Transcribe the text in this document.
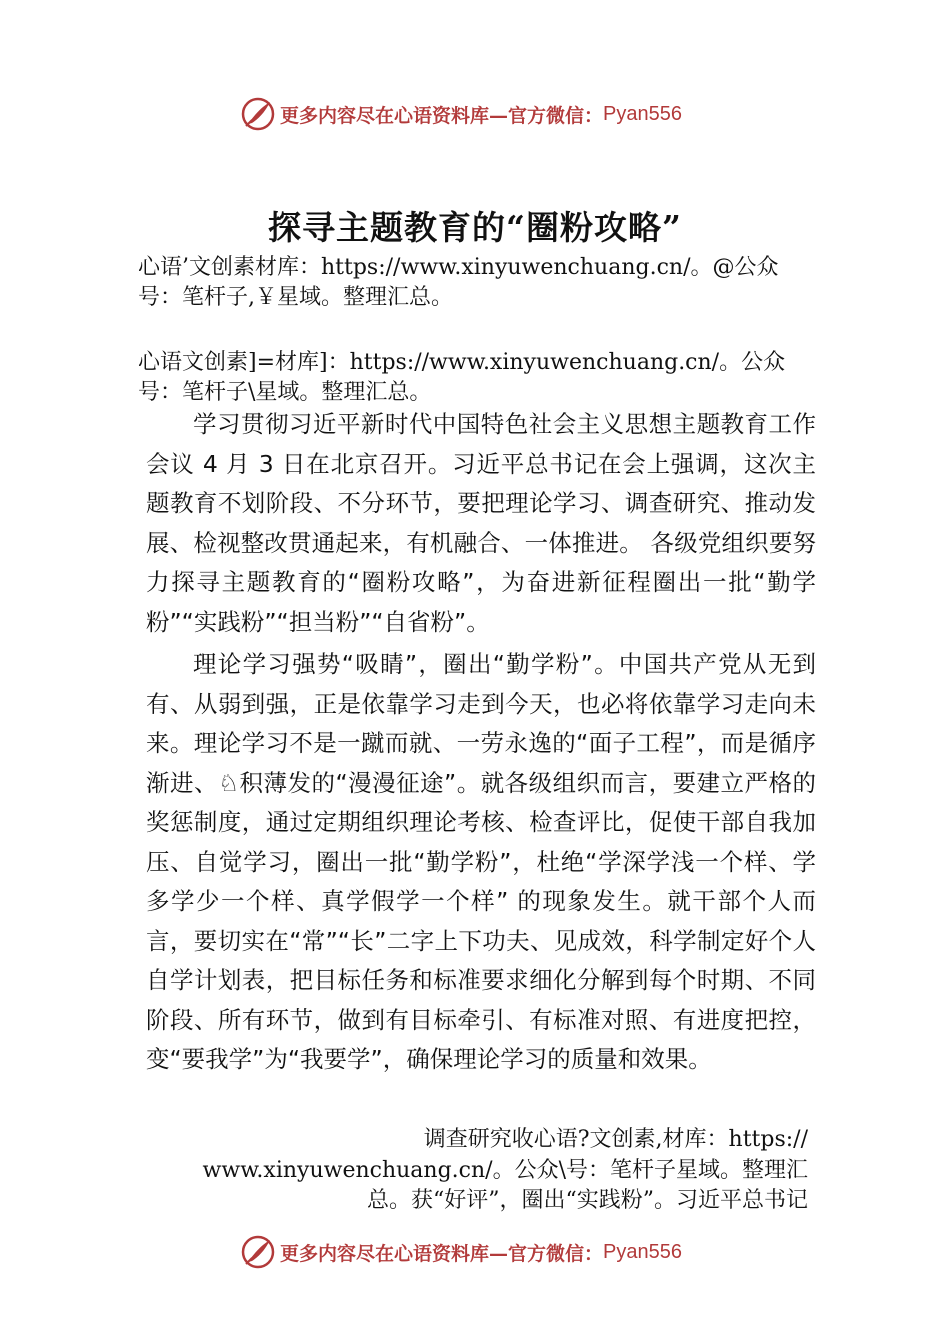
更多内容尽在心语资料库—官方微信： Pyan556
探寻主题教育的“圈粉攻略”
心语’文创素材库：https://www.xinyuwenchuang.cn/。@公众
号：笔杆子,￥星域。整理汇总。
心语文创素]=材库]：https://www.xinyuwenchuang.cn/。公众
号：笔杆子\星域。整理汇总。

学习贯彻习近平新时代中国特色社会主义思想主题教育工作会议 4 月 3 日在北京召开。习近平总书记在会上强调，这次主题教育不划阶段、不分环节，要把理论学习、调查研究、推动发展、检视整改贯通起来，有机融合、一体推进。 各级党组织要努力探寻主题教育的“圈粉攻略”，为奋进新征程圈出一批“勤学粉”“实践粉”“担当粉”“自省粉”。

理论学习强势“吸睛”，圈出“勤学粉”。中国共产党从无到有、从弱到强，正是依靠学习走到今天，也必将依靠学习走向未来。理论学习不是一蹴而就、一劳永逸的“面子工程”，而是循序渐进、♘积薄发的“漫漫征途”。就各级组织而言，要建立严格的奖惩制度，通过定期组织理论考核、检查评比，促使干部自我加压、自觉学习，圈出一批“勤学粉”，杜绝“学深学浅一个样、学多学少一个样、真学假学一个样” 的现象发生。就干部个人而言，要切实在“常”“长”二字上下功夫、见成效，科学制定好个人自学计划表，把目标任务和标准要求细化分解到每个时期、不同阶段、所有环节，做到有目标牵引、有标准对照、有进度把控，变“要我学”为“我要学”，确保理论学习的质量和效果。

调查研究收心语?文创素,材库：https://
www.xinyuwenchuang.cn/。公众\号：笔杆子星域。整理汇
总。获“好评”，圈出“实践粉”。习近平总书记
更多内容尽在心语资料库—官方微信： Pyan556
